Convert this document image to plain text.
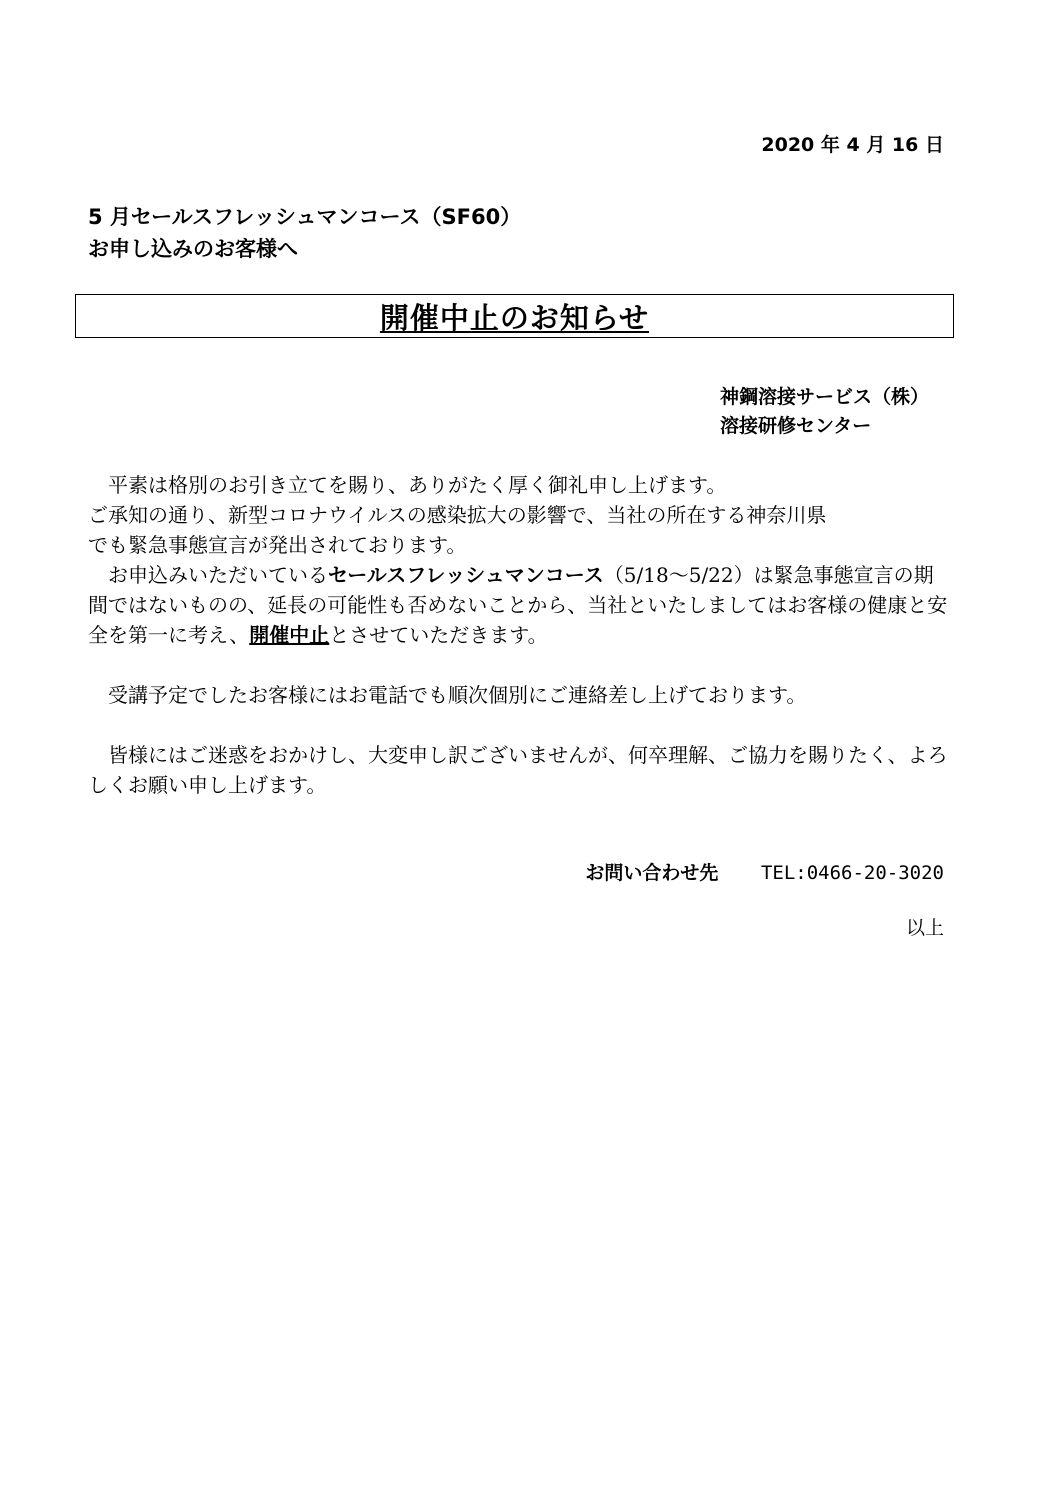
2020 年 4 月 16 日
5 月セールスフレッシュマンコース（SF60）
お申し込みのお客様へ
開催中止のお知らせ
神鋼溶接サービス（株）
溶接研修センター

　平素は格別のお引き立てを賜り、ありがたく厚く御礼申し上げます。

ご承知の通り、新型コロナウイルスの感染拡大の影響で、当社の所在する神奈川県

でも緊急事態宣言が発出されております。

　お申込みいただいているセールスフレッシュマンコース（5/18～5/22）は緊急事態宣言の期間ではないものの、延長の可能性も否めないことから、当社といたしましてはお客様の健康と安全を第一に考え、開催中止とさせていただきます。

　受講予定でしたお客様にはお電話でも順次個別にご連絡差し上げております。

　皆様にはご迷惑をおかけし、大変申し訳ございませんが、何卒理解、ご協力を賜りたく、よろしくお願い申し上げます。

お問い合わせ先 TEL:0466-20-3020
以上
